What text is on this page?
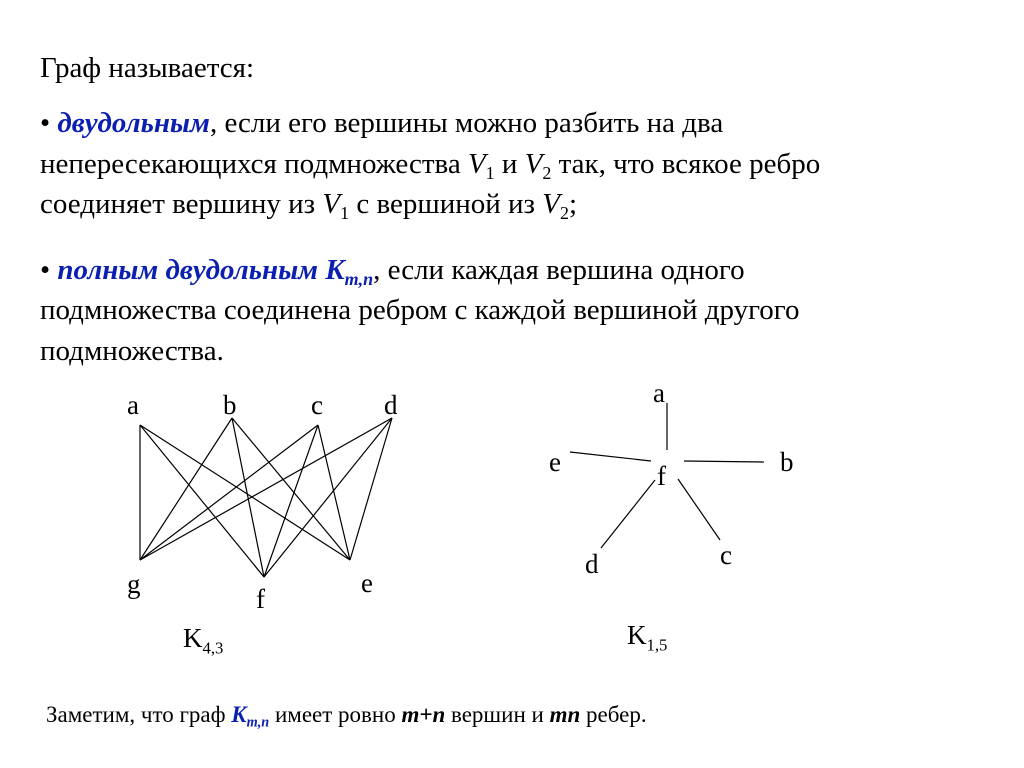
Граф называется:
• двудольным, если его вершины можно разбить на два
непересекающихся подмножества $V_1$ и $V_2$ так, что всякое ребро
соединяет вершину из $V_1$ с вершиной из $V_2$;
• полным двудольным $K_{m,n}$, если каждая вершина одного
подмножества соединена ребром с каждой вершиной другого
подмножества.
a	b	c d
g	f
e
$K_{4,3}$
a
b
c
d
e	f
$K_{1,5}$
Заметим, что граф $K_{m,n}$ имеет ровно m+n вершин и mn ребер.
